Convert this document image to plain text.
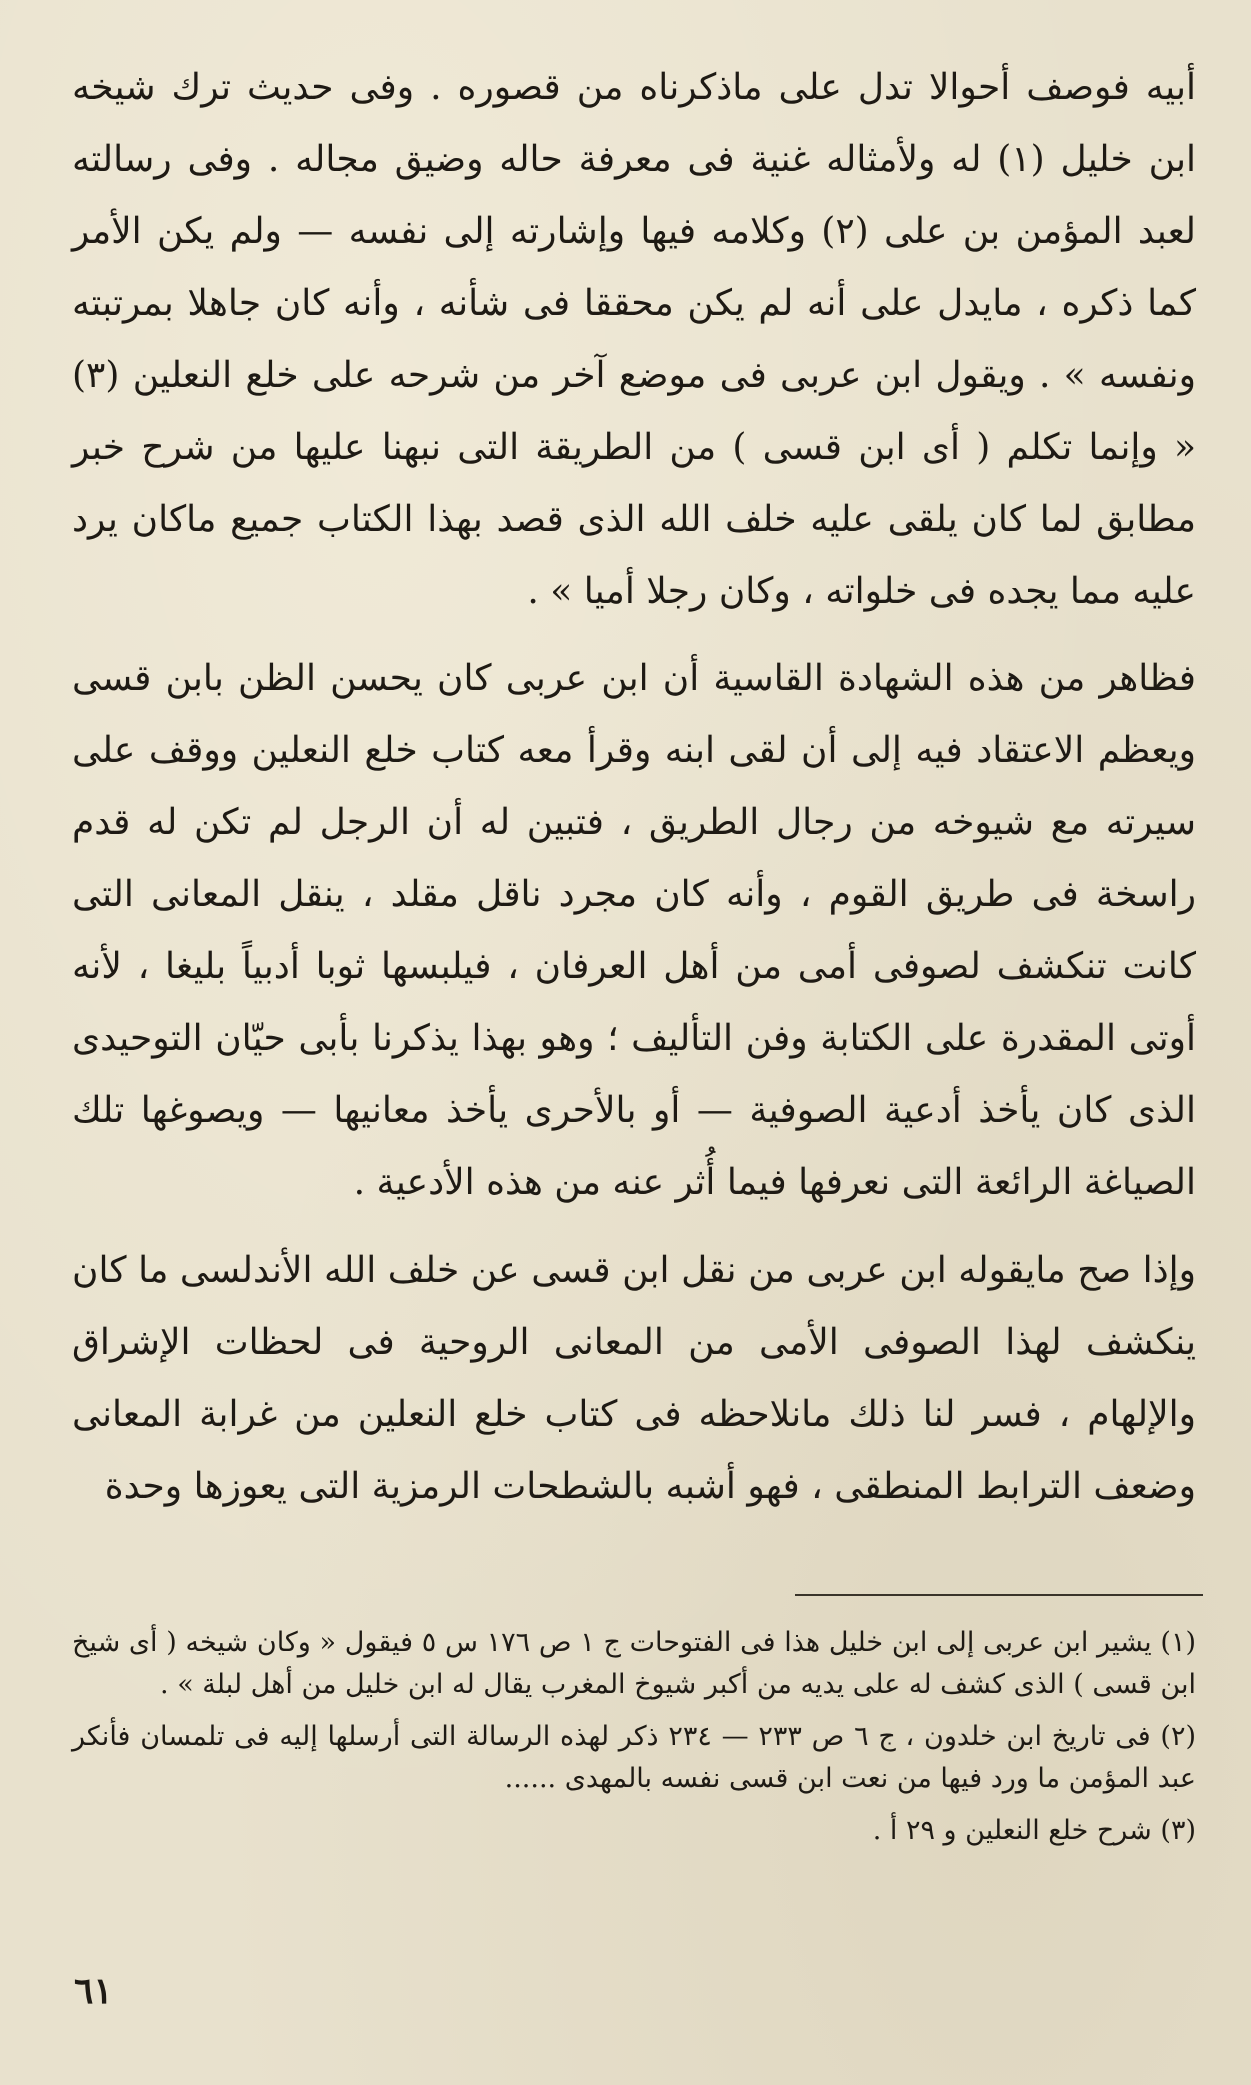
أبيه فوصف أحوالا تدل على ماذكرناه من قصوره . وفى حديث ترك شيخه ابن خليل (١) له ولأمثاله غنية فى معرفة حاله وضيق مجاله . وفى رسالته لعبد المؤمن بن على (٢) وكلامه فيها وإشارته إلى نفسه — ولم يكن الأمر كما ذكره ، مايدل على أنه لم يكن محققا فى شأنه ، وأنه كان جاهلا بمرتبته ونفسه » . ويقول ابن عربى فى موضع آخر من شرحه على خلع النعلين (٣) « وإنما تكلم ( أى ابن قسى ) من الطريقة التى نبهنا عليها من شرح خبر مطابق لما كان يلقى عليه خلف الله الذى قصد بهذا الكتاب جميع ماكان يرد عليه مما يجده فى خلواته ، وكان رجلا أميا » .

فظاهر من هذه الشهادة القاسية أن ابن عربى كان يحسن الظن بابن قسى ويعظم الاعتقاد فيه إلى أن لقى ابنه وقرأ معه كتاب خلع النعلين ووقف على سيرته مع شيوخه من رجال الطريق ، فتبين له أن الرجل لم تكن له قدم راسخة فى طريق القوم ، وأنه كان مجرد ناقل مقلد ، ينقل المعانى التى كانت تنكشف لصوفى أمى من أهل العرفان ، فيلبسها ثوبا أدبياً بليغا ، لأنه أوتى المقدرة على الكتابة وفن التأليف ؛ وهو بهذا يذكرنا بأبى حيّان التوحيدى الذى كان يأخذ أدعية الصوفية — أو بالأحرى يأخذ معانيها — ويصوغها تلك الصياغة الرائعة التى نعرفها فيما أُثر عنه من هذه الأدعية .

وإذا صح مايقوله ابن عربى من نقل ابن قسى عن خلف الله الأندلسى ما كان ينكشف لهذا الصوفى الأمى من المعانى الروحية فى لحظات الإشراق والإلهام ، فسر لنا ذلك مانلاحظه فى كتاب خلع النعلين من غرابة المعانى وضعف الترابط المنطقى ، فهو أشبه بالشطحات الرمزية التى يعوزها وحدة

(١) يشير ابن عربى إلى ابن خليل هذا فى الفتوحات ج ١ ص ١٧٦ س ٥ فيقول « وكان شيخه ( أى شيخ ابن قسى ) الذى كشف له على يديه من أكبر شيوخ المغرب يقال له ابن خليل من أهل لبلة » .

(٢) فى تاريخ ابن خلدون ، ج ٦ ص ٢٣٣ — ٢٣٤ ذكر لهذه الرسالة التى أرسلها إليه فى تلمسان فأنكر عبد المؤمن ما ورد فيها من نعت ابن قسى نفسه بالمهدى ......

(٣) شرح خلع النعلين و ٢٩ أ .

٦١
